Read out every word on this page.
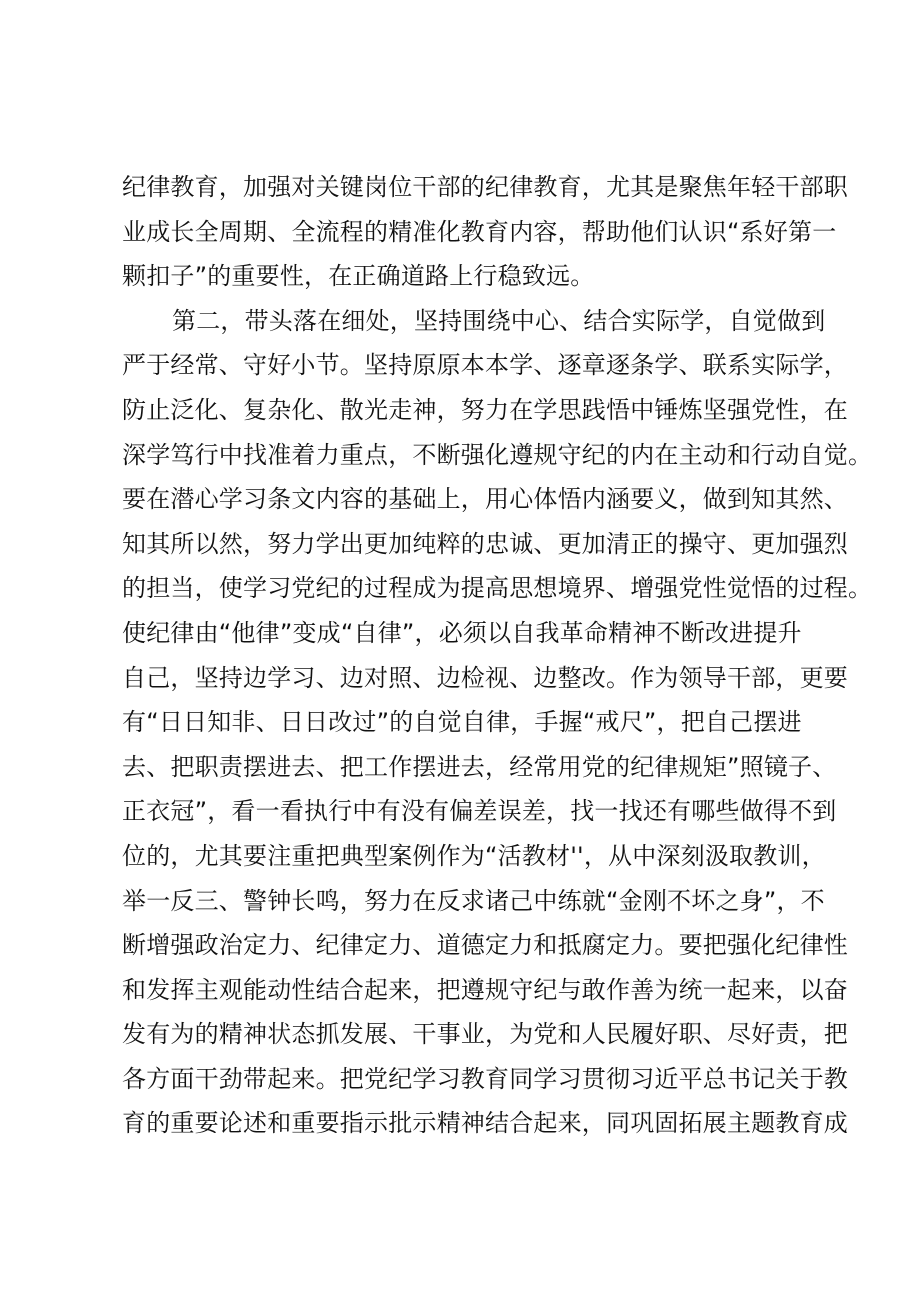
纪律教育，加强对关键岗位干部的纪律教育，尤其是聚焦年轻干部职
业成长全周期、全流程的精准化教育内容，帮助他们认识“系好第一
颗扣子”的重要性，在正确道路上行稳致远。
第二，带头落在细处，坚持围绕中心、结合实际学，自觉做到
严于经常、守好小节。坚持原原本本学、逐章逐条学、联系实际学，
防止泛化、复杂化、散光走神，努力在学思践悟中锤炼坚强党性，在
深学笃行中找准着力重点，不断强化遵规守纪的内在主动和行动自觉。
要在潜心学习条文内容的基础上，用心体悟内涵要义，做到知其然、
知其所以然，努力学出更加纯粹的忠诚、更加清正的操守、更加强烈
的担当，使学习党纪的过程成为提高思想境界、增强党性觉悟的过程。
使纪律由“他律”变成“自律”，必须以自我革命精神不断改进提升
自己，坚持边学习、边对照、边检视、边整改。作为领导干部，更要
有“日日知非、日日改过”的自觉自律，手握“戒尺”，把自己摆进
去、把职责摆进去、把工作摆进去，经常用党的纪律规矩”照镜子、
正衣冠”，看一看执行中有没有偏差误差，找一找还有哪些做得不到
位的，尤其要注重把典型案例作为“活教材''，从中深刻汲取教训，
举一反三、警钟长鸣，努力在反求诸己中练就“金刚不坏之身”，不
断增强政治定力、纪律定力、道德定力和抵腐定力。要把强化纪律性
和发挥主观能动性结合起来，把遵规守纪与敢作善为统一起来，以奋
发有为的精神状态抓发展、干事业，为党和人民履好职、尽好责，把
各方面干劲带起来。把党纪学习教育同学习贯彻习近平总书记关于教
育的重要论述和重要指示批示精神结合起来，同巩固拓展主题教育成
